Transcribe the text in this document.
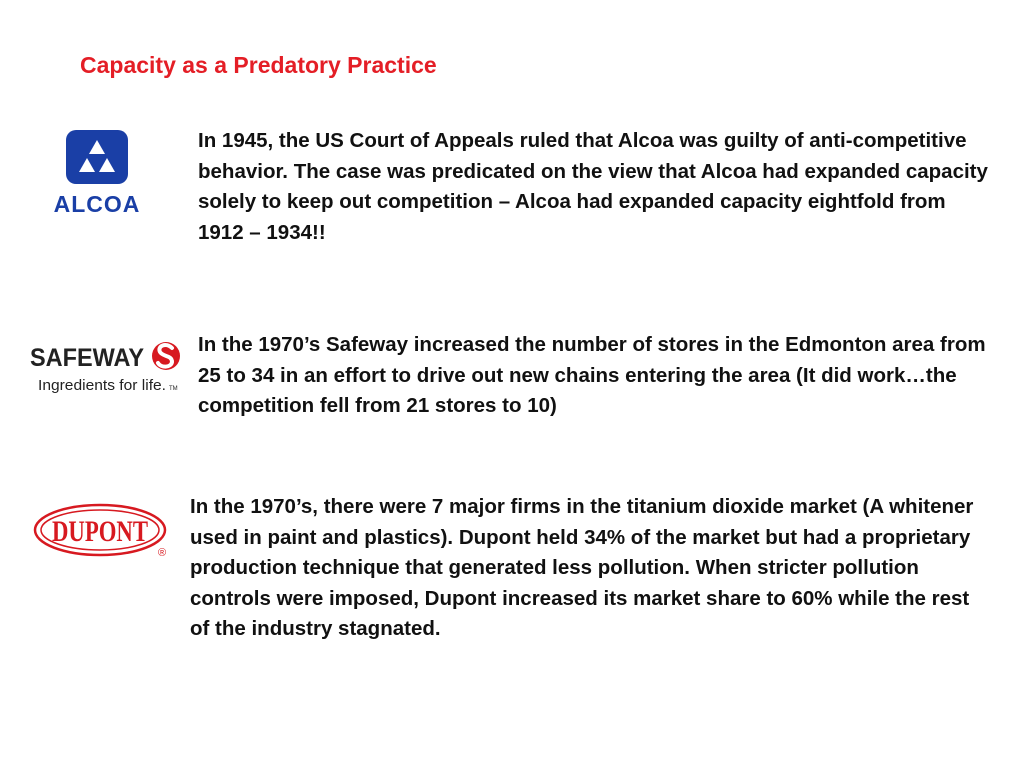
Capacity as a Predatory Practice
ALCOA
SAFEWAY
Ingredients for life. TM
DUPONT
®
In 1945, the US Court of Appeals ruled that Alcoa was guilty of anti-competitive behavior. The case was predicated on the view that Alcoa had expanded capacity solely to keep out competition – Alcoa had expanded capacity eightfold from 1912 – 1934!!
In the 1970’s Safeway increased the number of stores in the Edmonton area from 25 to 34 in an effort to drive out new chains entering the area (It did work…the competition fell from 21 stores to 10)
In the 1970’s, there were 7 major firms in the titanium dioxide market (A whitener used in paint and plastics). Dupont held 34% of the market but had a proprietary production technique that generated less pollution. When stricter pollution controls were imposed, Dupont increased its market share to 60% while the rest of the industry stagnated.
